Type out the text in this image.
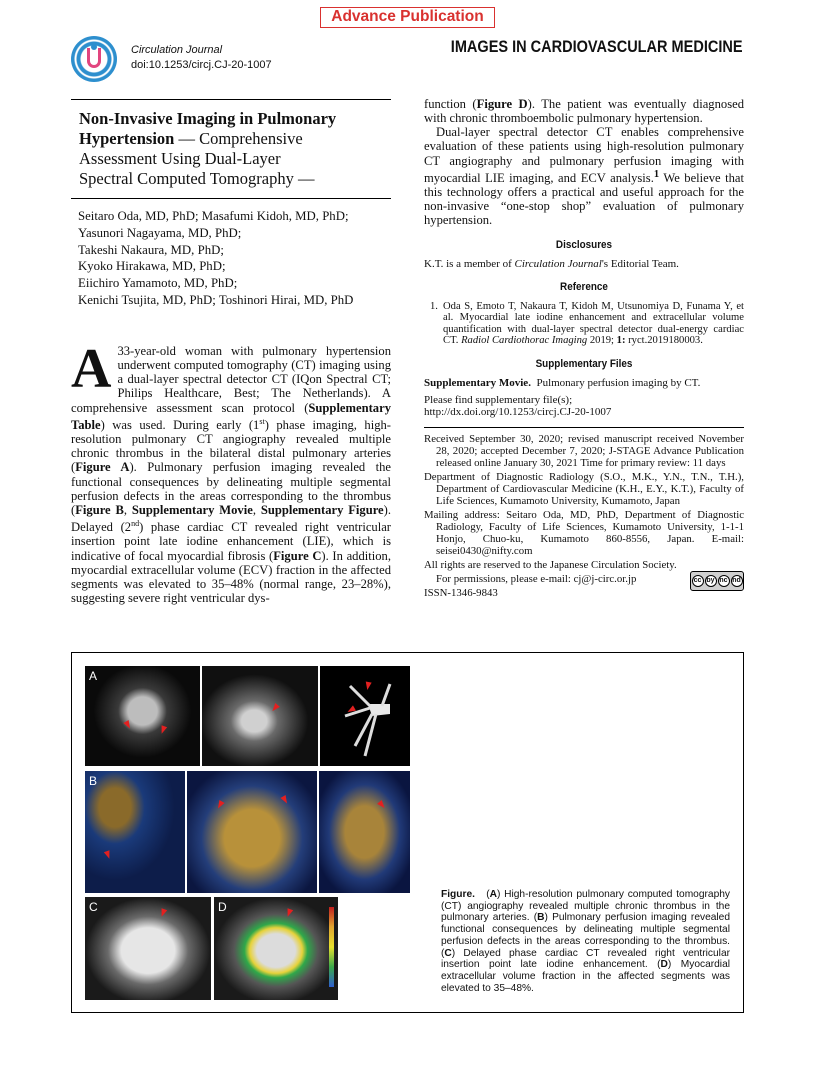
Advance Publication
Circulation Journal
doi:10.1253/circj.CJ-20-1007
IMAGES IN CARDIOVASCULAR MEDICINE
Non-Invasive Imaging in Pulmonary
Hypertension — Comprehensive
Assessment Using Dual-Layer
Spectral Computed Tomography —
Seitaro Oda, MD, PhD; Masafumi Kidoh, MD, PhD;
Yasunori Nagayama, MD, PhD;
Takeshi Nakaura, MD, PhD;
Kyoko Hirakawa, MD, PhD;
Eiichiro Yamamoto, MD, PhD;
Kenichi Tsujita, MD, PhD; Toshinori Hirai, MD, PhD
A 33-year-old woman with pulmonary hypertension underwent computed tomography (CT) imaging using a dual-layer spectral detector CT (IQon Spectral CT; Philips Healthcare, Best; The Netherlands). A comprehensive assessment scan protocol (Supplementary Table) was used. During early (1st) phase imaging, high-resolution pulmonary CT angiography revealed multiple chronic thrombus in the bilateral distal pulmonary arteries (Figure A). Pulmonary perfusion imaging revealed the functional consequences by delineating multiple segmental perfusion defects in the areas corresponding to the thrombus (Figure B, Supplementary Movie, Supplementary Figure). Delayed (2nd) phase cardiac CT revealed right ventricular insertion point late iodine enhancement (LIE), which is indicative of focal myocardial fibrosis (Figure C). In addition, myocardial extracellular volume (ECV) fraction in the affected segments was elevated to 35–48% (normal range, 23–28%), suggesting severe right ventricular dys-

function (Figure D). The patient was eventually diagnosed with chronic thromboembolic pulmonary hypertension.

Dual-layer spectral detector CT enables comprehensive evaluation of these patients using high-resolution pulmonary CT angiography and pulmonary perfusion imaging with myocardial LIE imaging, and ECV analysis.$^1$ We believe that this technology offers a practical and useful approach for the non-invasive “one-stop shop” evaluation of pulmonary hypertension.

Disclosures

K.T. is a member of Circulation Journal's Editorial Team.

Reference
1. Oda S, Emoto T, Nakaura T, Kidoh M, Utsunomiya D, Funama Y, et al. Myocardial late iodine enhancement and extracellular volume quantification with dual-layer spectral detector dual-energy cardiac CT. Radiol Cardiothorac Imaging 2019; 1: ryct.2019180003.
Supplementary Files

Supplementary Movie. Pulmonary perfusion imaging by CT.

Please find supplementary file(s);

http://dx.doi.org/10.1253/circj.CJ-20-1007

Received September 30, 2020; revised manuscript received November 28, 2020; accepted December 7, 2020; J-STAGE Advance Publication released online January 30, 2021 Time for primary review: 11 days

Department of Diagnostic Radiology (S.O., M.K., Y.N., T.N., T.H.), Department of Cardiovascular Medicine (K.H., E.Y., K.T.), Faculty of Life Sciences, Kumamoto University, Kumamoto, Japan

Mailing address: Seitaro Oda, MD, PhD, Department of Diagnostic Radiology, Faculty of Life Sciences, Kumamoto University, 1-1-1 Honjo, Chuo-ku, Kumamoto 860-8556, Japan. E-mail: seisei0430@nifty.com

All rights are reserved to the Japanese Circulation Society.

For permissions, please e-mail: cj@j-circ.or.jp

ISSN-1346-9843

cc by nc nd
A
B
C	D
Figure.   (A) High-resolution pulmonary computed tomography (CT) angiography revealed multiple chronic thrombus in the pulmonary arteries. (B) Pulmonary perfusion imaging revealed functional consequences by delineating multiple segmental perfusion defects in the areas corresponding to the thrombus. (C) Delayed phase cardiac CT revealed right ventricular insertion point late iodine enhancement. (D) Myocardial extracellular volume fraction in the affected segments was elevated to 35–48%.
